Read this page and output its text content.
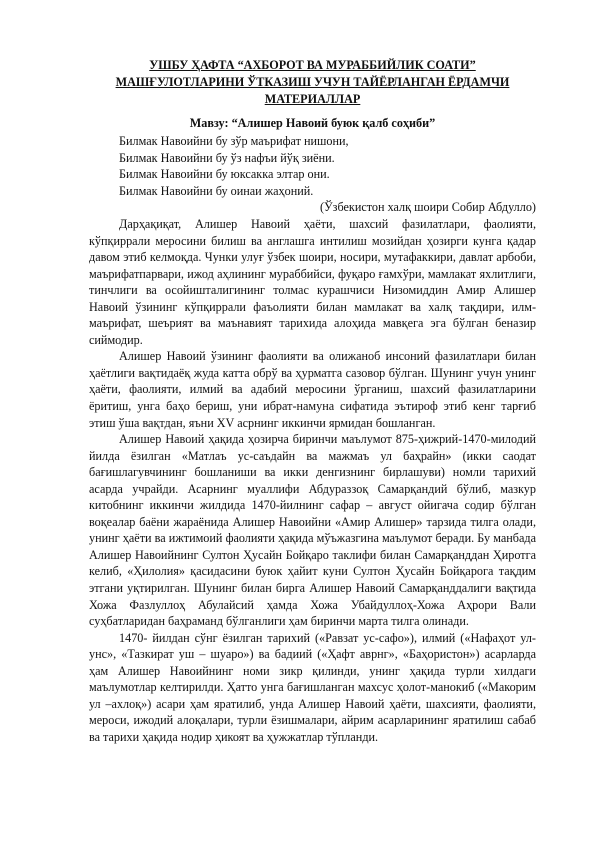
УШБУ ҲАФТА “АХБОРОТ ВА МУРАББИЙЛИК СОАТИ”

МАШҒУЛОТЛАРИНИ ЎТКАЗИШ УЧУН ТАЙЁРЛАНГАН ЁРДАМЧИ

МАТЕРИАЛЛАР

Мавзу: “Алишер Навоий буюк қалб соҳиби”

Билмак Навоийни бу зўр маърифат нишони,
Билмак Навоийни бу ўз нафъи йўқ зиёни.
Билмак Навоийни бу юксакка элтар они.
Билмак Навоийни бу оинаи жаҳоний.

(Ўзбекистон халқ шоири Собир Абдулло)

Дарҳақиқат, Алишер Навоий ҳаёти, шахсий фазилатлари, фаолияти, кўпқиррали меросини билиш ва англашга интилиш мозийдан ҳозирги кунга қадар давом этиб келмоқда. Чунки улуғ ўзбек шоири, носири, мутафаккири, давлат арбоби, маърифатпарвари, ижод аҳлининг мураббийси, фуқаро ғамхўри, мамлакат яхлитлиги, тинчлиги ва осойишталигининг толмас курашчиси Низомиддин Амир Алишер Навоий ўзининг кўпқиррали фаъолияти билан мамлакат ва халқ тақдири, илм-маърифат, шеърият ва маънавият тарихида алоҳида мавқега эга бўлган беназир сиймодир.

Алишер Навоий ўзининг фаолияти ва олижаноб инсоний фазилатлари билан ҳаётлиги вақтидаёқ жуда катта обрў ва ҳурматга сазовор бўлган. Шунинг учун унинг ҳаёти, фаолияти, илмий ва адабий меросини ўрганиш, шахсий фазилатларини ёритиш, унга баҳо бериш, уни ибрат-намуна сифатида эътироф этиб кенг тарғиб этиш ўша вақтдан, яъни XV асрнинг иккинчи ярмидан бошланган.

Алишер Навоий ҳақида ҳозирча биринчи маълумот 875-ҳижрий-1470-милодий йилда ёзилган «Матлаъ ус-саъдайн ва мажмаъ ул баҳрайн» (икки саодат бағишлагувчининг бошланиши ва икки денгизнинг бирлашуви) номли тарихий асарда учрайди. Асарнинг муаллифи Абдураззоқ Самарқандий бўлиб, мазкур китобнинг иккинчи жилдида 1470-йилнинг сафар – август ойигача содир бўлган воқеалар баёни жараёнида Алишер Навоийни «Амир Алишер» тарзида тилга олади, унинг ҳаёти ва ижтимоий фаолияти ҳақида мўъжазгина маълумот беради. Бу манбада Алишер Навоийнинг Султон Ҳусайн Бойқаро таклифи билан Самарқанддан Ҳиротга келиб, «Ҳилолия» қасидасини буюк ҳайит куни Султон Ҳусайн Бойқарога тақдим этгани уқтирилган. Шунинг билан бирга Алишер Навоий Самарқанддалиги вақтида Хожа Фазлуллоҳ Абулайсий ҳамда Хожа Убайдуллоҳ-Хожа Аҳрори Вали суҳбатларидан баҳраманд бўлганлиги ҳам биринчи марта тилга олинади.

1470- йилдан сўнг ёзилган тарихий («Равзат ус-сафо»), илмий («Нафаҳот ул-унс», «Тазкират уш – шуаро») ва бадиий («Ҳафт аврнг», «Баҳористон») асарларда ҳам Алишер Навоийнинг номи зикр қилинди, унинг ҳақида турли хилдаги маълумотлар келтирилди. Ҳатто унга бағишланган махсус ҳолот-манокиб («Макорим ул –ахлоқ») асари ҳам яратилиб, унда Алишер Навоий ҳаёти, шахсияти, фаолияти, мероси, ижодий алоқалари, турли ёзишмалари, айрим асарларининг яратилиш сабаб ва тарихи ҳақида нодир ҳикоят ва ҳужжатлар тўпланди.
